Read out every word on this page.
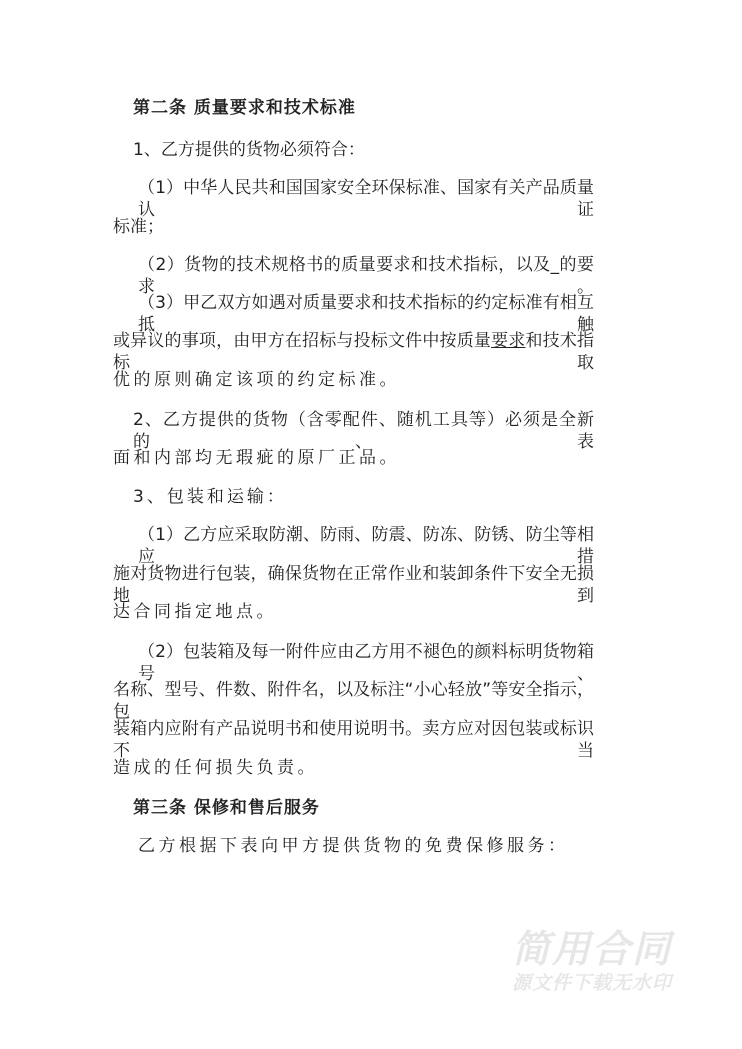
第二条 质量要求和技术标准
1、乙方提供的货物必须符合：
（1）中华人民共和国国家安全环保标准、国家有关产品质量认证
标准；
（2）货物的技术规格书的质量要求和技术指标，以及_的要求。
（3）甲乙双方如遇对质量要求和技术指标的约定标准有相互抵触
或异议的事项，由甲方在招标与投标文件中按质量要求和技术指标取
优的原则确定该项的约定标准。
2、乙方提供的货物（含零配件、随机工具等）必须是全新的、表
面和内部均无瑕疵的原厂正品。
3、包装和运输：
（1）乙方应采取防潮、防雨、防震、防冻、防锈、防尘等相应措
施对货物进行包装，确保货物在正常作业和装卸条件下安全无损地到
达合同指定地点。
（2）包装箱及每一附件应由乙方用不褪色的颜料标明货物箱号、
名称、型号、件数、附件名，以及标注“小心轻放”等安全指示，包
装箱内应附有产品说明书和使用说明书。卖方应对因包装或标识不当
造成的任何损失负责。
第三条 保修和售后服务
乙方根据下表向甲方提供货物的免费保修服务：
简用合同
源文件下载无水印
